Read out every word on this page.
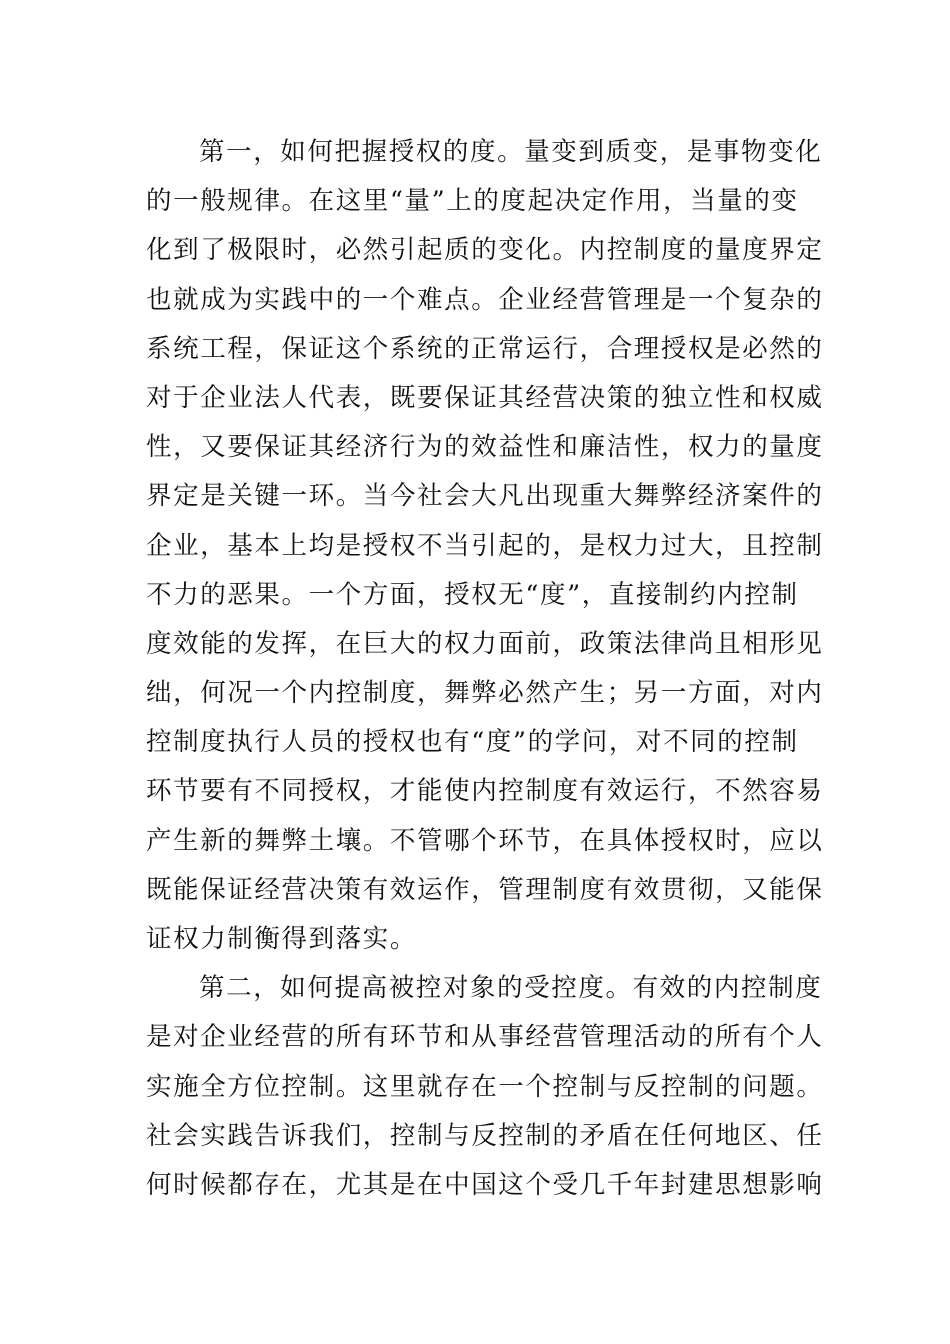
第一，如何把握授权的度。量变到质变，是事物变化
的一般规律。在这里“量”上的度起决定作用，当量的变
化到了极限时，必然引起质的变化。内控制度的量度界定
也就成为实践中的一个难点。企业经营管理是一个复杂的
系统工程，保证这个系统的正常运行，合理授权是必然的
对于企业法人代表，既要保证其经营决策的独立性和权威
性，又要保证其经济行为的效益性和廉洁性，权力的量度
界定是关键一环。当今社会大凡出现重大舞弊经济案件的
企业，基本上均是授权不当引起的，是权力过大，且控制
不力的恶果。一个方面，授权无“度”，直接制约内控制
度效能的发挥，在巨大的权力面前，政策法律尚且相形见
绌，何况一个内控制度，舞弊必然产生；另一方面，对内
控制度执行人员的授权也有“度”的学问，对不同的控制
环节要有不同授权，才能使内控制度有效运行，不然容易
产生新的舞弊土壤。不管哪个环节，在具体授权时，应以
既能保证经营决策有效运作，管理制度有效贯彻，又能保
证权力制衡得到落实。
第二，如何提高被控对象的受控度。有效的内控制度
是对企业经营的所有环节和从事经营管理活动的所有个人
实施全方位控制。这里就存在一个控制与反控制的问题。
社会实践告诉我们，控制与反控制的矛盾在任何地区、任
何时候都存在，尤其是在中国这个受几千年封建思想影响
